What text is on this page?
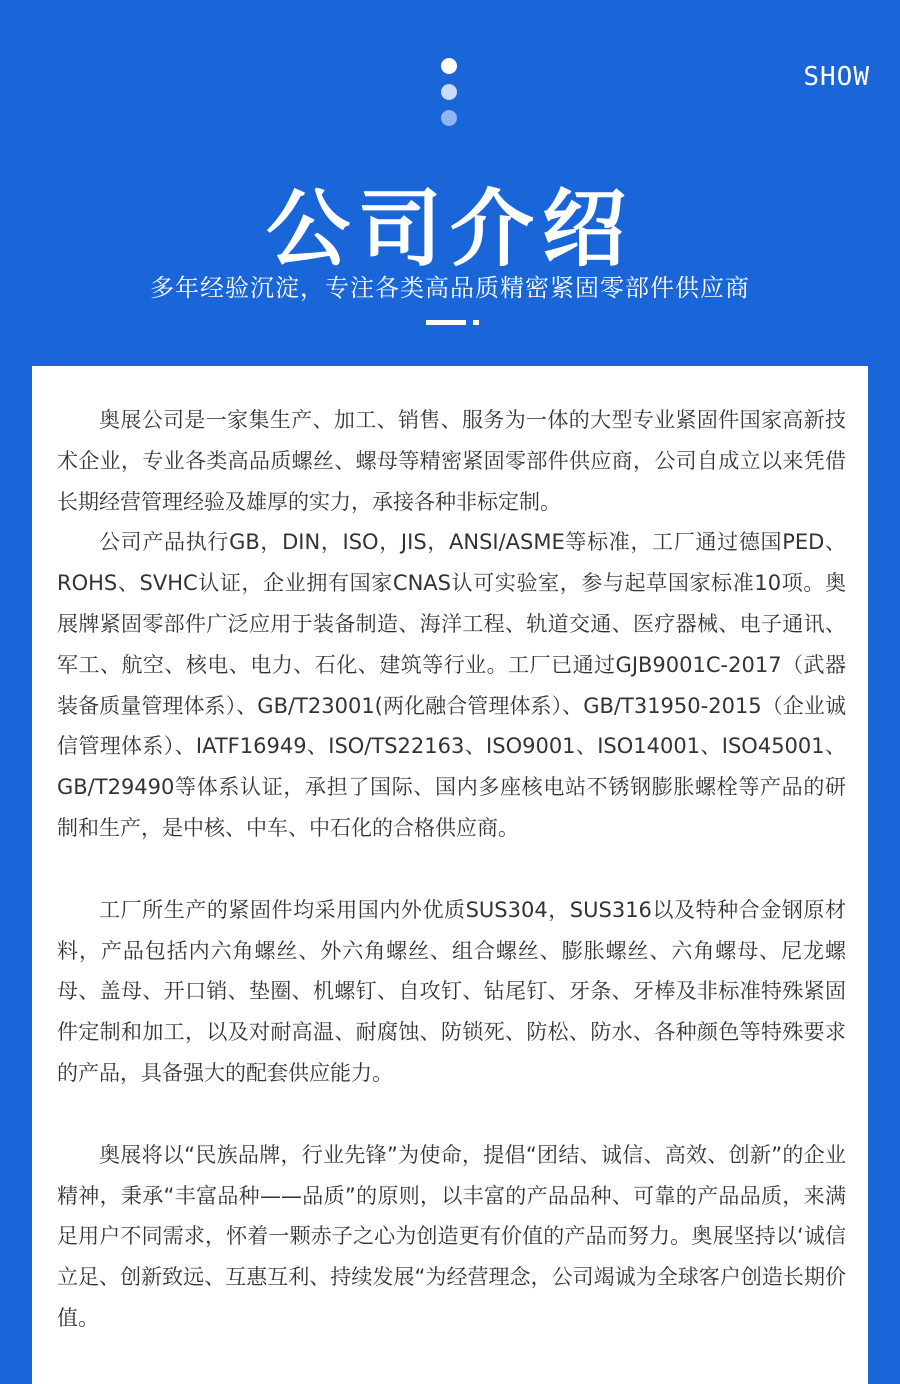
SHOW
公司介绍
多年经验沉淀，专注各类高品质精密紧固零部件供应商

奥展公司是一家集生产、加工、销售、服务为一体的大型专业紧固件国家高新技术企业，专业各类高品质螺丝、螺母等精密紧固零部件供应商，公司自成立以来凭借长期经营管理经验及雄厚的实力，承接各种非标定制。

公司产品执行GB，DIN，ISO，JIS，ANSI/ASME等标准，工厂通过德国PED、ROHS、SVHC认证，企业拥有国家CNAS认可实验室，参与起草国家标准10项。奥展牌紧固零部件广泛应用于装备制造、海洋工程、轨道交通、医疗器械、电子通讯、军工、航空、核电、电力、石化、建筑等行业。工厂已通过GJB9001C-2017（武器装备质量管理体系）、GB/T23001(两化融合管理体系）、GB/T31950-2015（企业诚信管理体系）、IATF16949、ISO/TS22163、ISO9001、ISO14001、ISO45001、GB/T29490等体系认证，承担了国际、国内多座核电站不锈钢膨胀螺栓等产品的研制和生产，是中核、中车、中石化的合格供应商。

工厂所生产的紧固件均采用国内外优质SUS304，SUS316以及特种合金钢原材料，产品包括内六角螺丝、外六角螺丝、组合螺丝、膨胀螺丝、六角螺母、尼龙螺母、盖母、开口销、垫圈、机螺钉、自攻钉、钻尾钉、牙条、牙棒及非标准特殊紧固件定制和加工，以及对耐高温、耐腐蚀、防锁死、防松、防水、各种颜色等特殊要求的产品，具备强大的配套供应能力。

奥展将以“民族品牌，行业先锋”为使命，提倡“团结、诚信、高效、创新”的企业精神，秉承“丰富品种——品质”的原则，以丰富的产品品种、可靠的产品品质，来满足用户不同需求，怀着一颗赤子之心为创造更有价值的产品而努力。奥展坚持以‘诚信立足、创新致远、互惠互利、持续发展“为经营理念，公司竭诚为全球客户创造长期价值。
